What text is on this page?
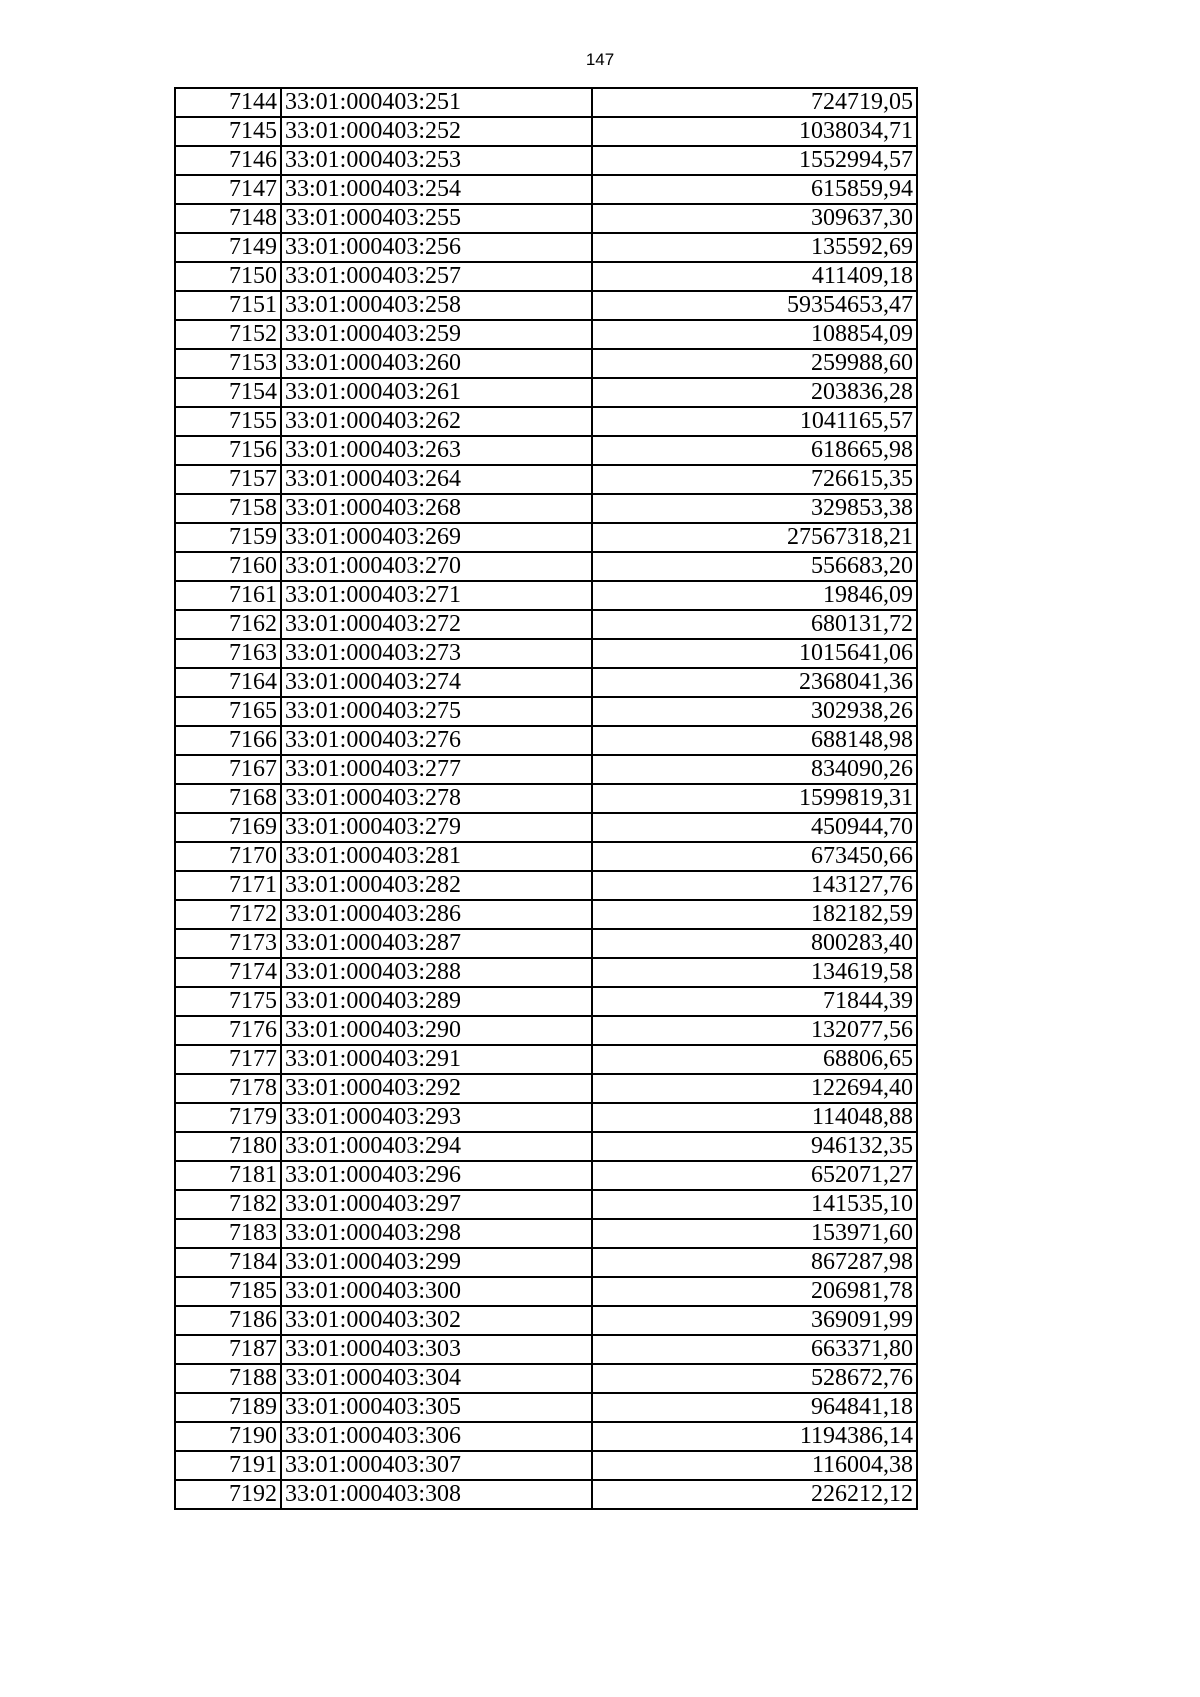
147
7144	33:01:000403:251	724719,05
7145	33:01:000403:252	1038034,71
7146	33:01:000403:253	1552994,57
7147	33:01:000403:254	615859,94
7148	33:01:000403:255	309637,30
7149	33:01:000403:256	135592,69
7150	33:01:000403:257	411409,18
7151	33:01:000403:258	59354653,47
7152	33:01:000403:259	108854,09
7153	33:01:000403:260	259988,60
7154	33:01:000403:261	203836,28
7155	33:01:000403:262	1041165,57
7156	33:01:000403:263	618665,98
7157	33:01:000403:264	726615,35
7158	33:01:000403:268	329853,38
7159	33:01:000403:269	27567318,21
7160	33:01:000403:270	556683,20
7161	33:01:000403:271	19846,09
7162	33:01:000403:272	680131,72
7163	33:01:000403:273	1015641,06
7164	33:01:000403:274	2368041,36
7165	33:01:000403:275	302938,26
7166	33:01:000403:276	688148,98
7167	33:01:000403:277	834090,26
7168	33:01:000403:278	1599819,31
7169	33:01:000403:279	450944,70
7170	33:01:000403:281	673450,66
7171	33:01:000403:282	143127,76
7172	33:01:000403:286	182182,59
7173	33:01:000403:287	800283,40
7174	33:01:000403:288	134619,58
7175	33:01:000403:289	71844,39
7176	33:01:000403:290	132077,56
7177	33:01:000403:291	68806,65
7178	33:01:000403:292	122694,40
7179	33:01:000403:293	114048,88
7180	33:01:000403:294	946132,35
7181	33:01:000403:296	652071,27
7182	33:01:000403:297	141535,10
7183	33:01:000403:298	153971,60
7184	33:01:000403:299	867287,98
7185	33:01:000403:300	206981,78
7186	33:01:000403:302	369091,99
7187	33:01:000403:303	663371,80
7188	33:01:000403:304	528672,76
7189	33:01:000403:305	964841,18
7190	33:01:000403:306	1194386,14
7191	33:01:000403:307	116004,38
7192	33:01:000403:308	226212,12
